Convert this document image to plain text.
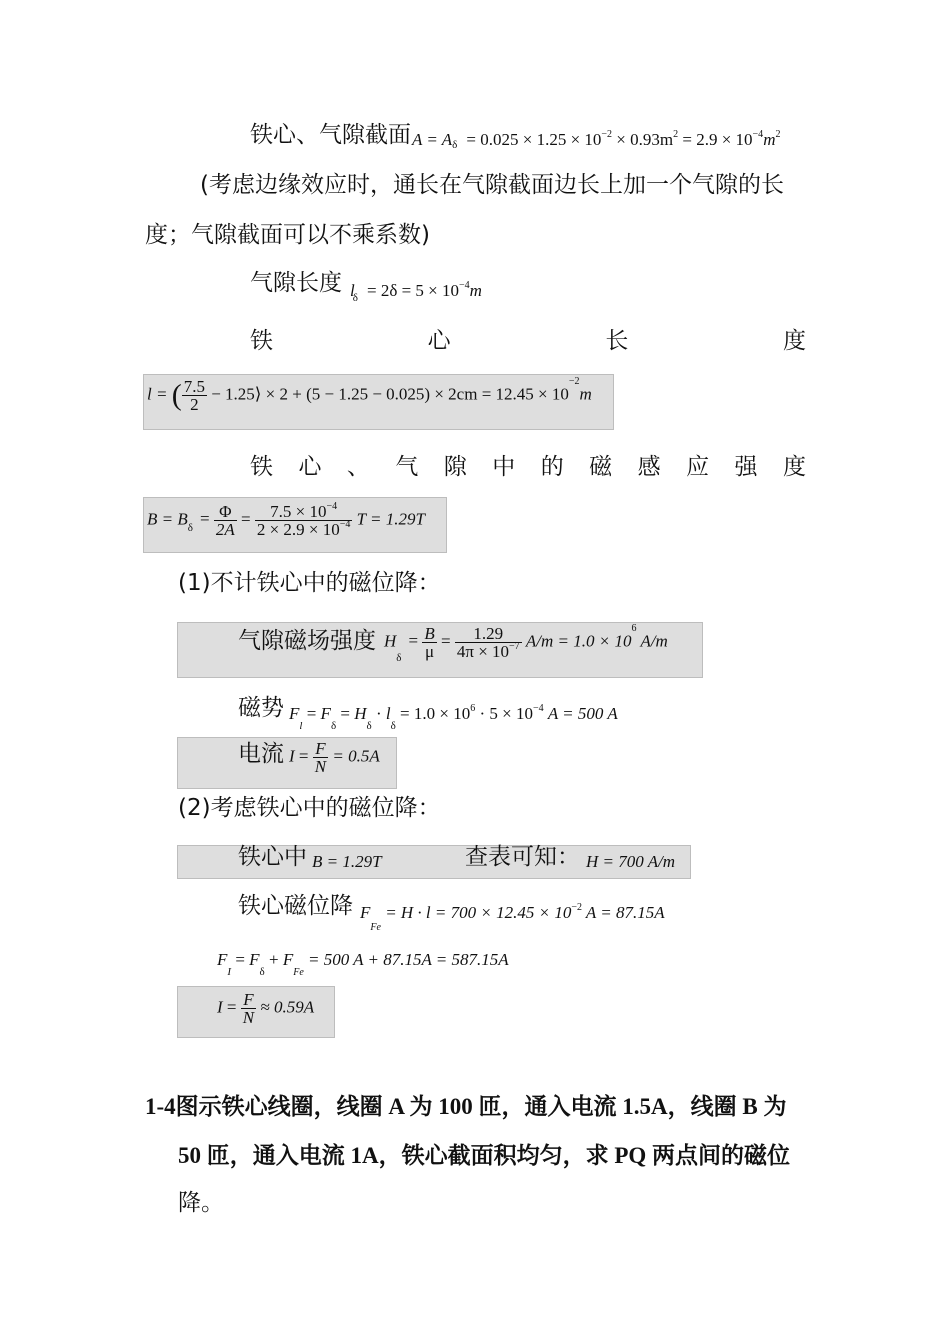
铁心、气隙截面 A = A $\delta = 0.025 \times 1.25 \times 10^{-2} \times 0.93m^2 = 2.9 \times 10^{-4}m^2$
(考虑边缘效应时，通长在气隙截面边长上加一个气隙的长
度；气隙截面可以不乘系数)
气隙长度 l
$\delta = 2\delta = 5 \times 10^{-4}m$
铁	心	长	度
l = ( $\frac{7.5}{2}$ − 1.25⟩ × $2 + (5 - 1.25 - 0.025) \times 2cm = 12.45 \times 10^{-2}m$
铁 心 、 气 隙 中 的 磁 感 应 强 度
B = B $\delta = \frac{\Phi}{2A} = \frac{7.5 \times 10^{-4}}{2 \times 2.9 \times 10^{-4}}$ T = 1.29T
(1)不计铁心中的磁位降：
气隙磁场强度 H
δ
= $\frac{B}{\mu} = \frac{1.29}{4\pi \times 10^{-7}} A/m = 1.0 \times 10^6$ A/m
磁势 $F_l = F_\delta = H_\delta \cdot l_\delta = 1.0 \times 10^6 \cdot 5 \times 10^{-4}$ A = 500 A
电流 $I = \frac{F}{N} = 0.5A$
(2)考虑铁心中的磁位降：
铁心中 B = 1.29T	查表可知： H = 700 A/m
铁心磁位降 $F_{Fe} = H \cdot l = 700 \times 12.45 \times 10^{-2}$ A = 87.15A
$F_I = F_\delta + F_{Fe} = 500$ A + 87.15A = 587.15A
$I = \frac{F}{N} \approx 0.59A$
1-4图示铁心线圈，线圈 A 为 100 匝，通入电流 1.5A，线圈 B 为
50 匝，通入电流 1A，铁心截面积均匀，求 PQ 两点间的磁位
降。
